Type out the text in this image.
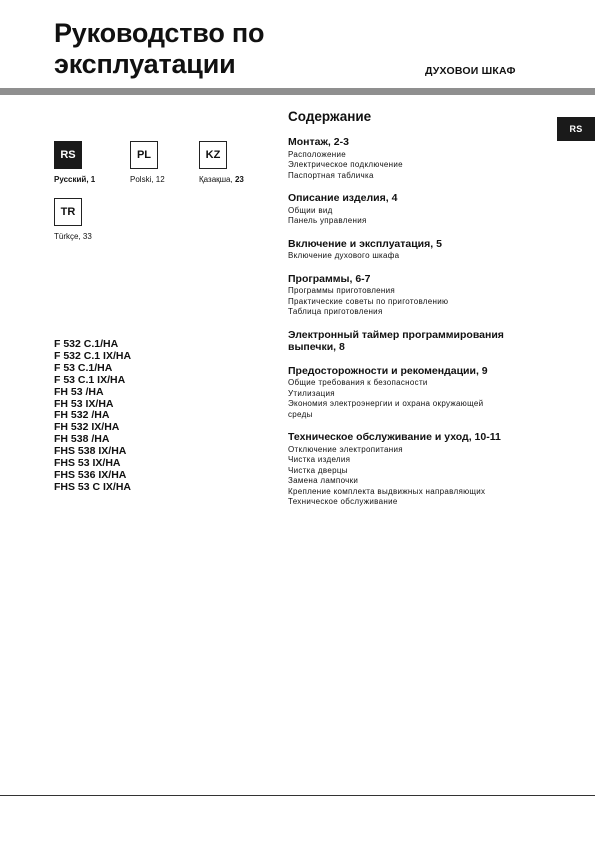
Руководство по
эксплуатации	ДУХОВОИ ШКАФ
RS
RS
Русский, 1
PL
Polski, 12
KZ
Қазақша, 23
TR
Türkçe, 33
F 532 C.1/HA
F 532 C.1 IX/HA
F 53 C.1/HA
F 53 C.1 IX/HA
FH 53 /HA
FH 53 IX/HA
FH 532 /HA
FH 532 IX/HA
FH 538 /HA
FHS 538 IX/HA
FHS 53 IX/HA
FHS 536 IX/HA
FHS 53 C IX/HA
Содержание
Монтаж, 2-3
Расположение
Электрическое подключение
Паспортная табличка
Описание изделия, 4
Общии вид
Панель управления
Включение и эксплуатация, 5
Включение духового шкафа
Программы, 6-7
Программы приготовления
Практические советы по приготовлению
Таблица приготовления
Электронный таймер программирования
выпечки, 8
Предосторожности и рекомендации, 9
Общие требования к безопасности
Утилизация
Экономия электроэнергии и охрана окружающей
среды
Техническое обслуживание и уход, 10-11
Отключение электропитания
Чистка изделия
Чистка дверцы
Замена лампочки
Крепление комплекта выдвижных направляющих
Техническое обслуживание
